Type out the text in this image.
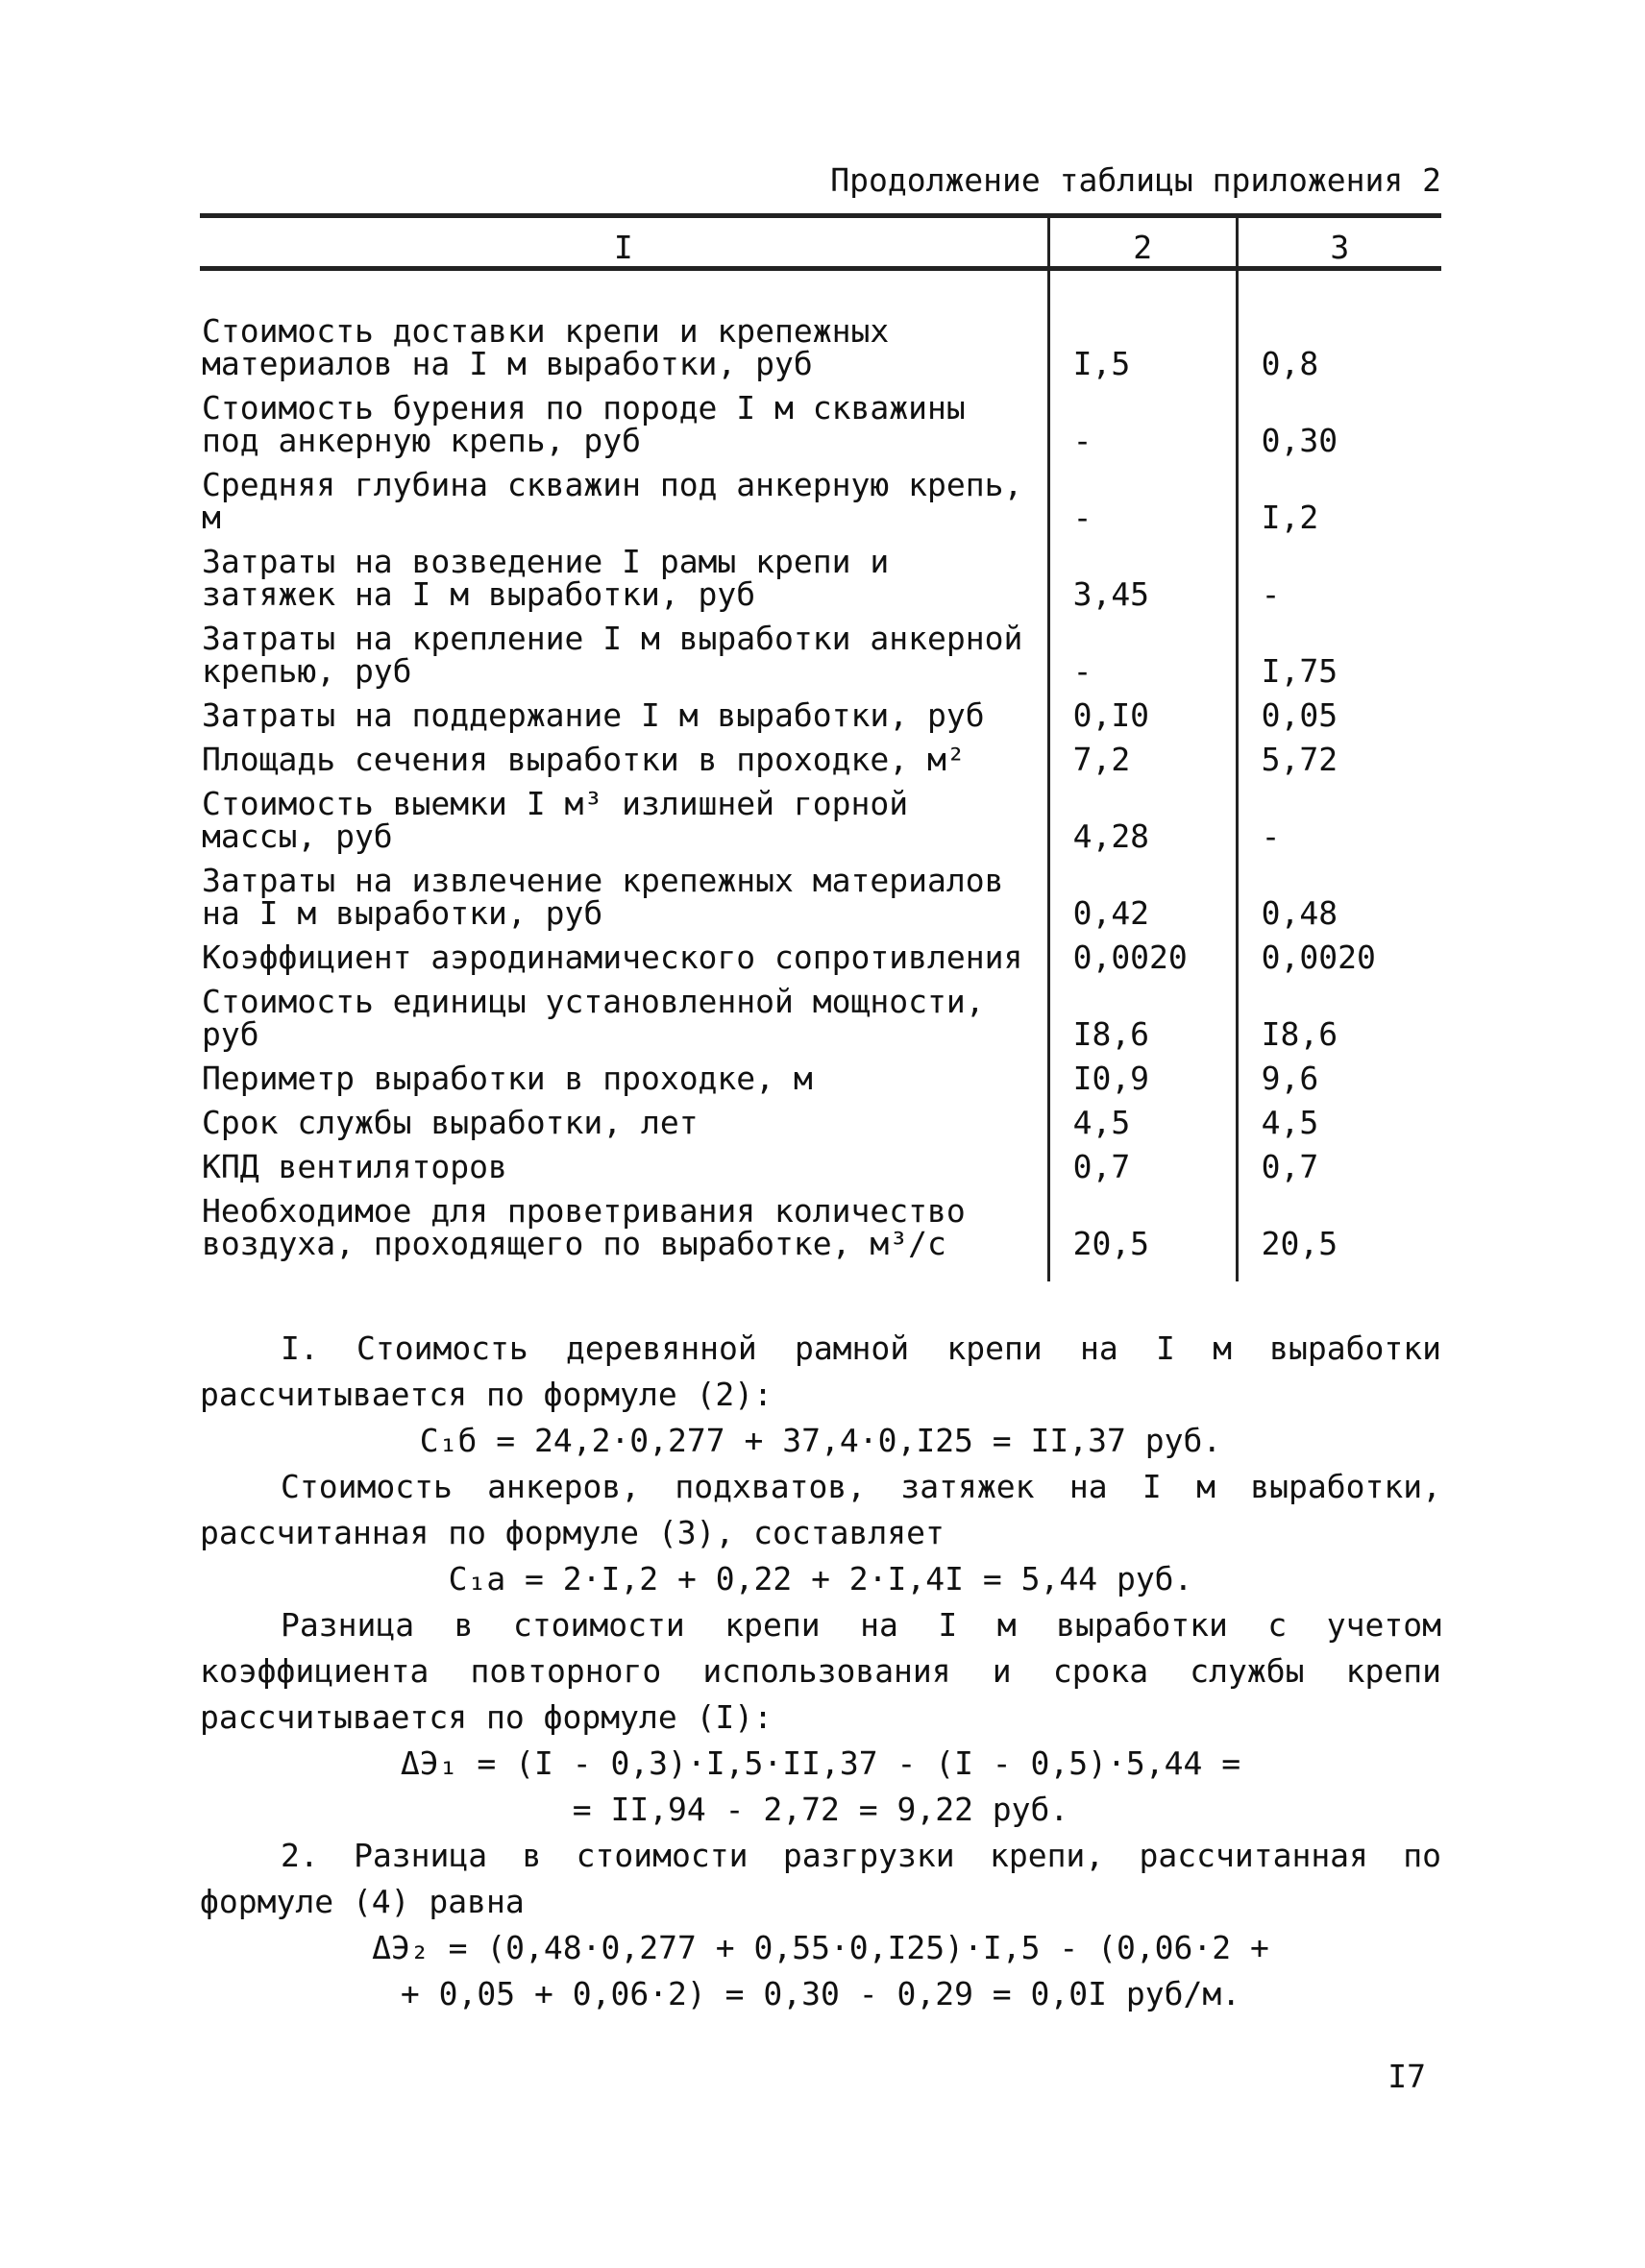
Продолжение таблицы приложения 2
I	2	3
Стоимость доставки крепи и крепежных материалов на I м выработки, руб	I,5	0,8
Стоимость бурения по породе I м скважины под анкерную крепь, руб	-	0,30
Средняя глубина скважин под анкерную крепь, м	-	I,2
Затраты на возведение I рамы крепи и затяжек на I м выработки, руб	3,45	-
Затраты на крепление I м выработки анкерной крепью, руб	-	I,75
Затраты на поддержание I м выработки, руб	0,I0	0,05
Площадь сечения выработки в проходке, м²	7,2	5,72
Стоимость выемки I м³ излишней горной массы, руб	4,28	-
Затраты на извлечение крепежных материалов на I м выработки, руб	0,42	0,48
Коэффициент аэродинамического сопротивления	0,0020	0,0020
Стоимость единицы установленной мощности, руб	I8,6	I8,6
Периметр выработки в проходке, м	I0,9	9,6
Срок службы выработки, лет	4,5	4,5
КПД вентиляторов	0,7	0,7
Необходимое для проветривания количество воздуха, проходящего по выработке, м³/с	20,5	20,5

I. Стоимость деревянной рамной крепи на I м выработки рассчитывается по формуле (2):

C₁б = 24,2·0,277 + 37,4·0,I25 = II,37 руб.

Стоимость анкеров, подхватов, затяжек на I м выработки, рассчитанная по формуле (3), составляет

C₁а = 2·I,2 + 0,22 + 2·I,4I = 5,44 руб.

Разница в стоимости крепи на I м выработки с учетом коэффициента повторного использования и срока службы крепи рассчитывается по формуле (I):

ΔЭ₁ = (I - 0,3)·I,5·II,37 - (I - 0,5)·5,44 =

= II,94 - 2,72 = 9,22 руб.

2. Разница в стоимости разгрузки крепи, рассчитанная по формуле (4) равна

ΔЭ₂ = (0,48·0,277 + 0,55·0,I25)·I,5 - (0,06·2 +

+ 0,05 + 0,06·2) = 0,30 - 0,29 = 0,0I руб/м.

I7
